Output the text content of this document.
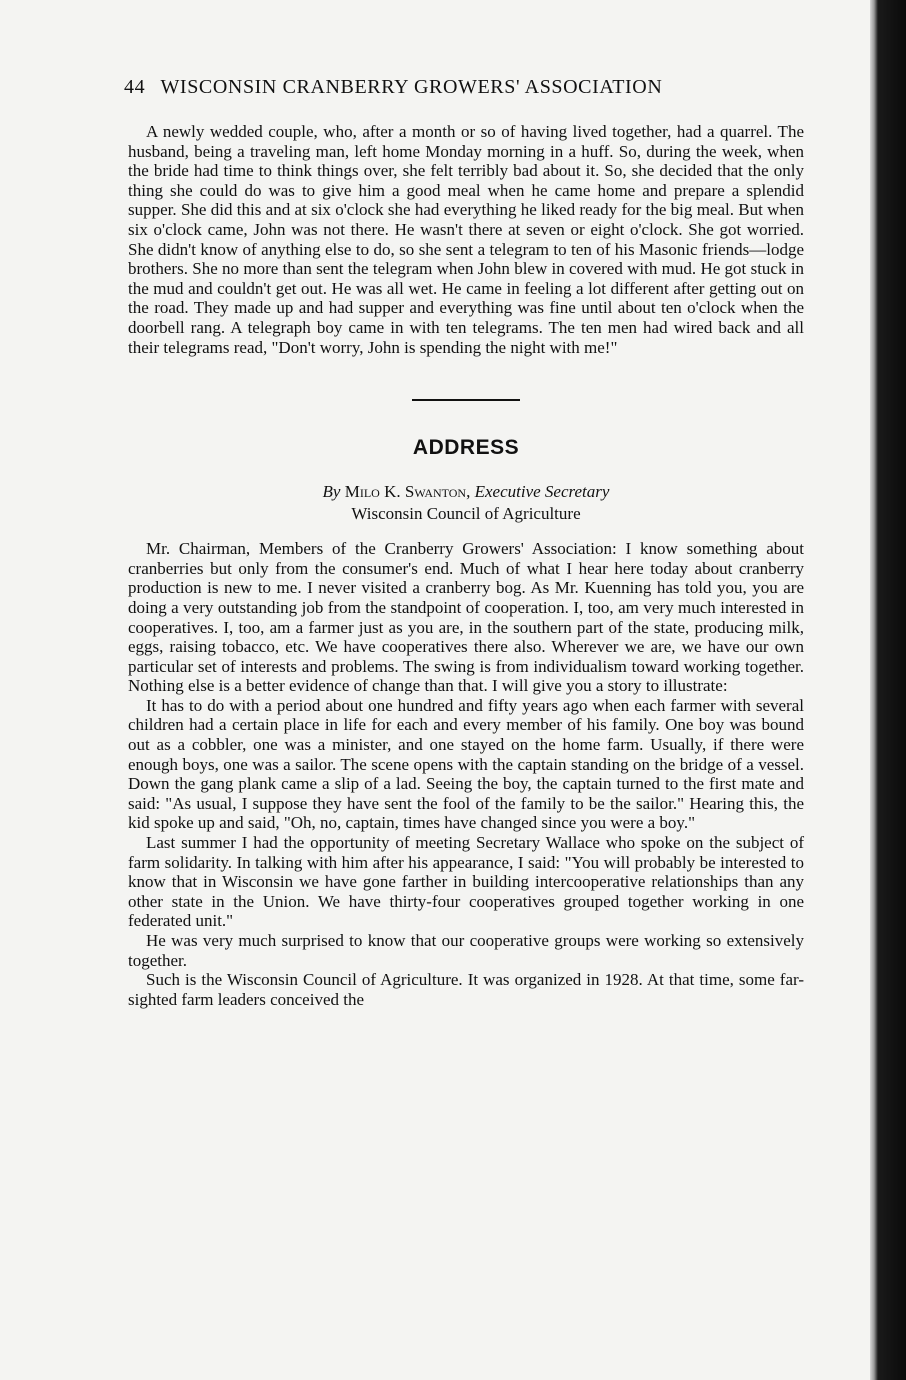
44 WISCONSIN CRANBERRY GROWERS' ASSOCIATION

A newly wedded couple, who, after a month or so of having lived together, had a quarrel. The husband, being a traveling man, left home Monday morning in a huff. So, during the week, when the bride had time to think things over, she felt terribly bad about it. So, she decided that the only thing she could do was to give him a good meal when he came home and prepare a splendid supper. She did this and at six o'clock she had everything he liked ready for the big meal. But when six o'clock came, John was not there. He wasn't there at seven or eight o'clock. She got worried. She didn't know of anything else to do, so she sent a telegram to ten of his Masonic friends—lodge brothers. She no more than sent the telegram when John blew in covered with mud. He got stuck in the mud and couldn't get out. He was all wet. He came in feeling a lot different after getting out on the road. They made up and had supper and everything was fine until about ten o'clock when the doorbell rang. A telegraph boy came in with ten telegrams. The ten men had wired back and all their telegrams read, "Don't worry, John is spending the night with me!"

ADDRESS
By Milo K. Swanton, Executive Secretary
Wisconsin Council of Agriculture

Mr. Chairman, Members of the Cranberry Growers' Association: I know something about cranberries but only from the consumer's end. Much of what I hear here today about cranberry production is new to me. I never visited a cranberry bog. As Mr. Kuenning has told you, you are doing a very outstanding job from the standpoint of cooperation. I, too, am very much interested in cooperatives. I, too, am a farmer just as you are, in the southern part of the state, producing milk, eggs, raising tobacco, etc. We have cooperatives there also. Wherever we are, we have our own particular set of interests and problems. The swing is from individualism toward working together. Nothing else is a better evidence of change than that. I will give you a story to illustrate:

It has to do with a period about one hundred and fifty years ago when each farmer with several children had a certain place in life for each and every member of his family. One boy was bound out as a cobbler, one was a minister, and one stayed on the home farm. Usually, if there were enough boys, one was a sailor. The scene opens with the captain standing on the bridge of a vessel. Down the gang plank came a slip of a lad. Seeing the boy, the captain turned to the first mate and said: "As usual, I suppose they have sent the fool of the family to be the sailor." Hearing this, the kid spoke up and said, "Oh, no, captain, times have changed since you were a boy."

Last summer I had the opportunity of meeting Secretary Wallace who spoke on the subject of farm solidarity. In talking with him after his appearance, I said: "You will probably be interested to know that in Wisconsin we have gone farther in building intercooperative relationships than any other state in the Union. We have thirty-four cooperatives grouped together working in one federated unit."

He was very much surprised to know that our cooperative groups were working so extensively together.

Such is the Wisconsin Council of Agriculture. It was organized in 1928. At that time, some far-sighted farm leaders conceived the
